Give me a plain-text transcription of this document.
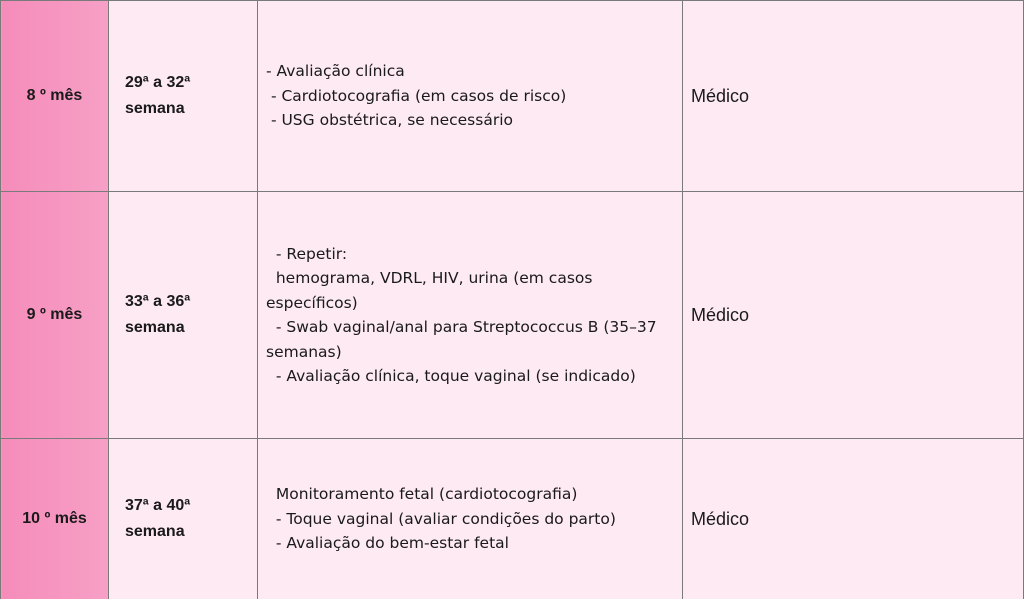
8 º mês	29ª a 32ª
semana	- Avaliação clínica
- Cardiotocografia (em casos de risco)
- USG obstétrica, se necessário	Médico
9 º mês	33ª a 36ª
semana	- Repetir:
hemograma, VDRL, HIV, urina (em casos específicos)
- Swab vaginal/anal para Streptococcus B (35–37 semanas)
- Avaliação clínica, toque vaginal (se indicado)	Médico
10 º mês	37ª a 40ª
semana	Monitoramento fetal (cardiotocografia)
- Toque vaginal (avaliar condições do parto)
- Avaliação do bem-estar fetal	Médico
